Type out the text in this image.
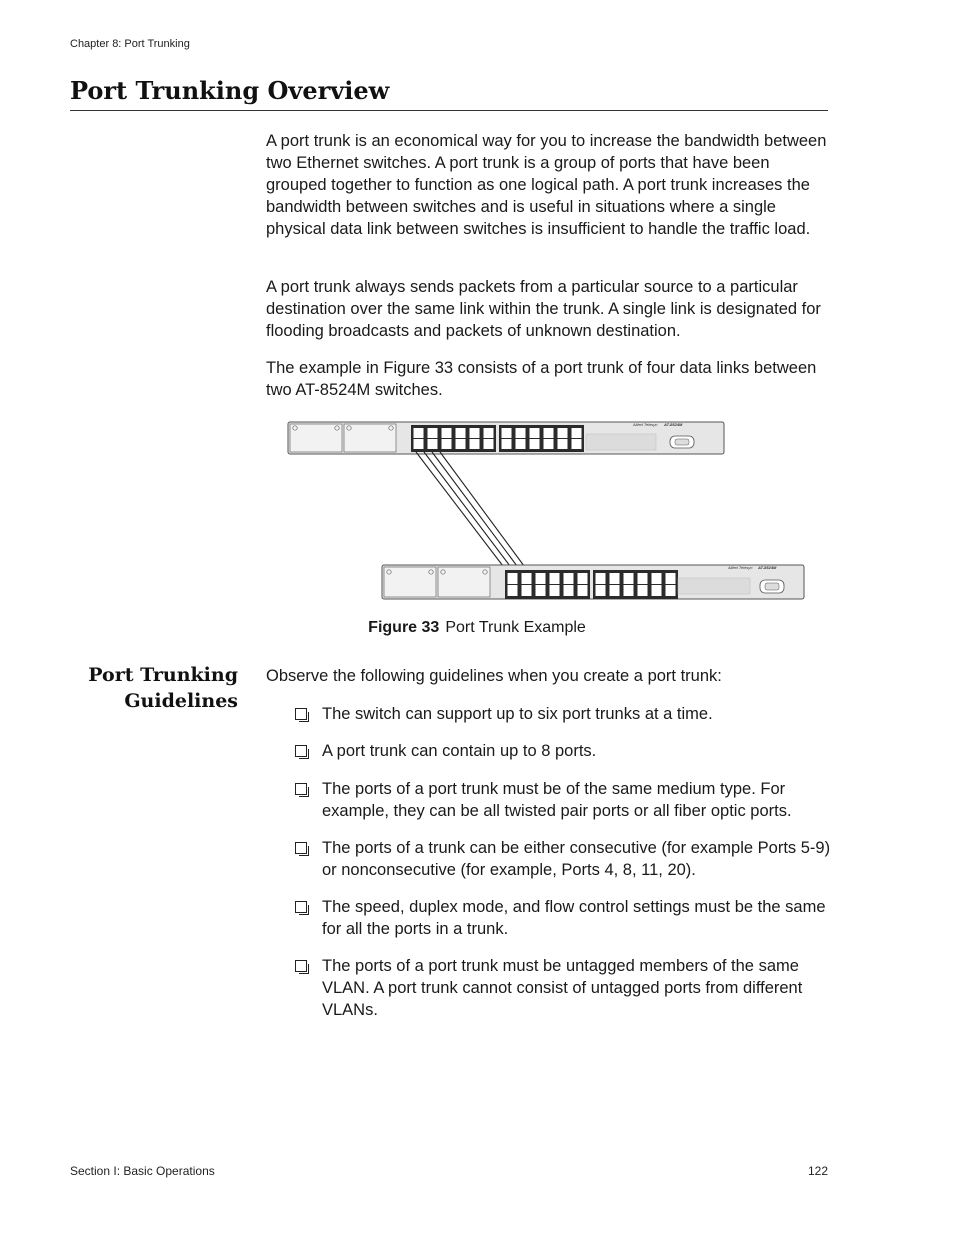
Chapter 8: Port Trunking
Port Trunking Overview

A port trunk is an economical way for you to increase the bandwidth between two Ethernet switches. A port trunk is a group of ports that have been grouped together to function as one logical path. A port trunk increases the bandwidth between switches and is useful in situations where a single physical data link between switches is insufficient to handle the traffic load.

A port trunk always sends packets from a particular source to a particular destination over the same link within the trunk. A single link is designated for flooding broadcasts and packets of unknown destination.

The example in Figure 33 consists of a port trunk of four data links between two AT-8524M switches.

Allied Telesyn AT-8524M
Allied Telesyn AT-8524M
Figure 33 Port Trunk Example
Port Trunking
Guidelines

Observe the following guidelines when you create a port trunk:

The switch can support up to six port trunks at a time.
A port trunk can contain up to 8 ports.
The ports of a port trunk must be of the same medium type. For example, they can be all twisted pair ports or all fiber optic ports.
The ports of a trunk can be either consecutive (for example Ports 5-9) or nonconsecutive (for example, Ports 4, 8, 11, 20).
The speed, duplex mode, and flow control settings must be the same for all the ports in a trunk.
The ports of a port trunk must be untagged members of the same VLAN. A port trunk cannot consist of untagged ports from different VLANs.
Section I: Basic Operations	122
